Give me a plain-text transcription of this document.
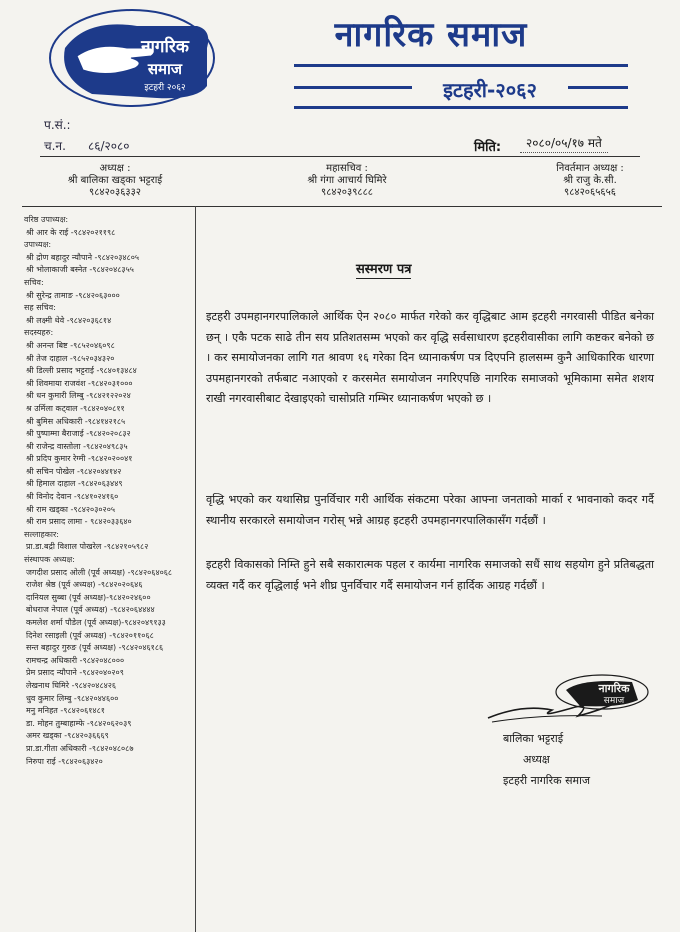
नागरिक
समाज
इटहरी २०६२
नागरिक समाज
इटहरी-२०६२
प.सं.:
च.न. ८६/२०८०	मिति:	२०८०/०५/१७ मते
अध्यक्ष :
श्री बालिका खड्का भट्टराई
९८४२०३६३३२
महासचिव :
श्री गंगा आचार्य घिमिरे
९८४२०३९८८८
निवर्तमान अध्यक्ष :
श्री राजु के.सी.
९८४२०६५६५६
वरिष्ठ उपाध्यक्ष:
श्री आर के राई -९८४२०२११९८
उपाध्यक्ष:
श्री द्रोण बहादुर न्यौपाने -९८४२०३४८०५
श्री भोलाकाजी बस्नेत -९८४२०४८३५५
सचिव:
श्री सुरेन्द्र तामाङ -९८४२०६३०००
सह सचिव:
श्री लक्ष्मी थेवे -९८४२०३६८१४
सदस्यहरु:
श्री अनन्त बिष्ट -९८५२०४६०९८
श्री तेज दाहाल -९८५२०३४३२०
श्री डिल्ली प्रसाद भट्टराई -९८४०१३४८४
श्री शिवमाया राजवंश -९८४२०३१०००
श्री धन कुमारी लिम्बु -९८४२१२२०२४
श्र उर्मिला कट्वाल -९८४२०४०८११
श्री बुमिस अधिकारी -९८४१४२१८५
श्री पुष्पाम्मा बैराजाई -९८४२०२०८३२
श्री राजेन्द्र वास्तोला -९८४२०४९८३५
श्री प्रदिप कुमार रेग्मी -९८४२०२००४१
श्री सचिन पोखेल -९८४२०४४१४२
श्री हिमाल दाहाल -९८४२०६३४४९
श्री विनोद देवान -९८४१०२४१६०
श्री राम खड्का -९८४२०३०२०५
श्री राम प्रसाद लामा - ९८४२०३३६४०
सल्लाहकार:
प्रा.डा.बद्री विशाल पोखरेल -९८४२१०५९८२
संस्थापक अध्यक्ष:
जगदीश प्रसाद ओली (पूर्व अध्यक्ष) -९८४२०६४०६८
राजेश श्रेष्ठ (पूर्व अध्यक्ष) -९८४२०२०६४६
दानियल सुब्बा (पूर्व अध्यक्ष)-९८४२०२४६००
बोधराज नेपाल (पूर्व अध्यक्ष) -९८४२०६४४४४
कमलेश शर्मा पौडेल (पूर्व अध्यक्ष)-९८४२०४९१३३
दिनेश रसाइली (पूर्व अध्यक्ष) -९८४२०११०६८
सन्त बहादुर गुरुङ (पूर्व अध्यक्ष) -९८४२०४६१८६
रामचन्द्र अधिकारी -९८४२०४८०००
प्रेम प्रसाद न्यौपाने -९८४२०४०२०९
लेखनाथ घिमिरे -९८४२०४८४२६
धुव कुमार लिम्बु -९८४२०४४६००
मनु मनिहत -९८४२०६१४८१
डा. मोहन तुम्बाहाम्फे -९८४२०६२०३९
अमर खड्का -९८४२०३६६६९
प्रा.डा.गीता अधिकारी -९८४२०४८०८७
निरुपा राई -९८४२०६३४२०
सस्मरण पत्र
इटहरी उपमहानगरपालिकाले आर्थिक ऐन २०८० मार्फत गरेको कर वृद्धिबाट आम इटहरी नगरवासी पीडित बनेका छन् । एकै पटक साढे तीन सय प्रतिशतसम्म भएको कर वृद्धि सर्वसाधारण इटहरीवासीका लागि कष्टकर बनेको छ । कर समायोजनका लागि गत श्रावण १६ गरेका दिन ध्यानाकर्षण पत्र दिएपनि हालसम्म कुनै आधिकारिक धारणा उपमहानगरको तर्फबाट नआएको र करसमेत समायोजन नगरिएपछि नागरिक समाजको भूमिकामा समेत शशय राखी नगरवासीबाट देखाइएको चासोप्रति गम्भिर ध्यानाकर्षण भएको छ ।
वृद्धि भएको कर यथासिघ्र पुनर्विचार गरी आर्थिक संकटमा परेका आफ्ना जनताको मार्का र भावनाको कदर गर्दै स्थानीय सरकारले समायोजन गरोस् भन्ने आग्रह इटहरी उपमहानगरपालिकासँग गर्दछौं ।
इटहरी विकासको निम्ति हुने सबै सकारात्मक पहल र कार्यमा नागरिक समाजको सधैं साथ सहयोग हुने प्रतिबद्धता व्यक्त गर्दै कर वृद्धिलाई भने शीघ्र पुनर्विचार गर्दै समायोजन गर्न हार्दिक आग्रह गर्दछौं ।
नागरिक
समाज
बालिका भट्टराई
अध्यक्ष
इटहरी नागरिक समाज
